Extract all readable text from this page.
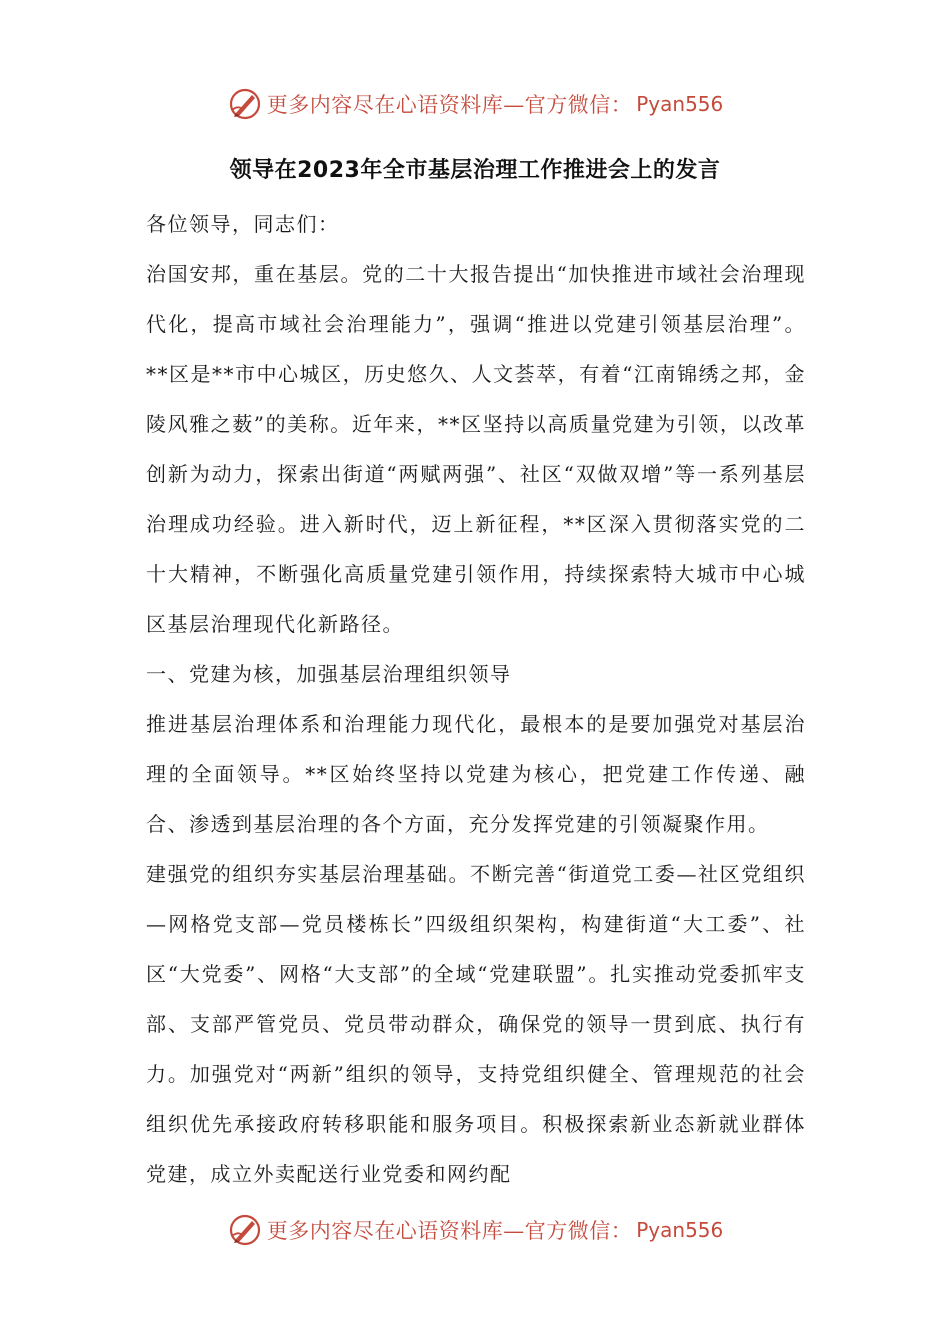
更多内容尽在心语资料库—官方微信： Pyan556
领导在2023年全市基层治理工作推进会上的发言

各位领导，同志们：

治国安邦，重在基层。党的二十大报告提出“加快推进市域社会治理现代化，提高市域社会治理能力”，强调“推进以党建引领基层治理”。**区是**市中心城区，历史悠久、人文荟萃，有着“江南锦绣之邦，金陵风雅之薮”的美称。近年来，**区坚持以高质量党建为引领，以改革创新为动力，探索出街道“两赋两强”、社区“双做双增”等一系列基层治理成功经验。进入新时代，迈上新征程，**区深入贯彻落实党的二十大精神，不断强化高质量党建引领作用，持续探索特大城市中心城区基层治理现代化新路径。

一、党建为核，加强基层治理组织领导

推进基层治理体系和治理能力现代化，最根本的是要加强党对基层治理的全面领导。**区始终坚持以党建为核心，把党建工作传递、融合、渗透到基层治理的各个方面，充分发挥党建的引领凝聚作用。

建强党的组织夯实基层治理基础。不断完善“街道党工委—社区党组织—网格党支部—党员楼栋长”四级组织架构，构建街道“大工委”、社区“大党委”、网格“大支部”的全域“党建联盟”。扎实推动党委抓牢支部、支部严管党员、党员带动群众，确保党的领导一贯到底、执行有力。加强党对“两新”组织的领导，支持党组织健全、管理规范的社会组织优先承接政府转移职能和服务项目。积极探索新业态新就业群体党建，成立外卖配送行业党委和网约配

更多内容尽在心语资料库—官方微信： Pyan556
